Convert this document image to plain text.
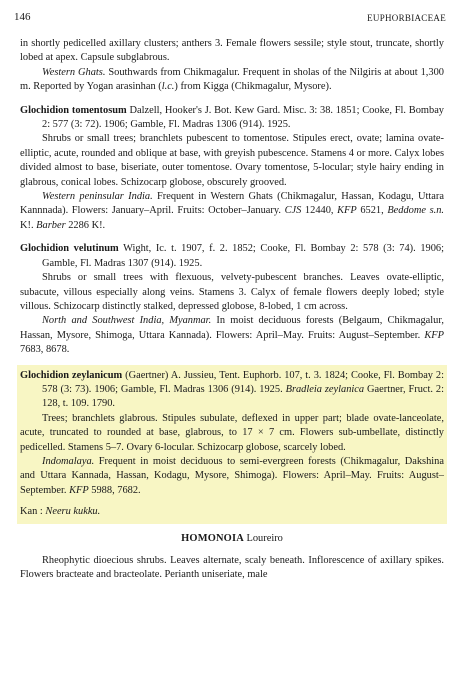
146	EUPHORBIACEAE

in shortly pedicelled axillary clusters; anthers 3. Female flowers sessile; style stout, truncate, shortly lobed at apex. Capsule subglabrous.

Western Ghats. Southwards from Chikmagalur. Frequent in sholas of the Nilgiris at about 1,300 m. Reported by Yogan arasinhan (l.c.) from Kigga (Chikmagalur, Mysore).

Glochidion tomentosum Dalzell, Hooker's J. Bot. Kew Gard. Misc. 3: 38. 1851; Cooke, Fl. Bombay 2: 577 (3: 72). 1906; Gamble, Fl. Madras 1306 (914). 1925.

Shrubs or small trees; branchlets pubescent to tomentose. Stipules erect, ovate; lamina ovate-elliptic, acute, rounded and oblique at base, with greyish pubescence. Stamens 4 or more. Calyx lobes divided almost to base, biseriate, outer tomentose. Ovary tomentose, 5-locular; style hairy ending in glabrous, conical lobes. Schizocarp globose, obscurely grooved.

Western peninsular India. Frequent in Western Ghats (Chikmagalur, Hassan, Kodagu, Uttara Kannnada). Flowers: January–April. Fruits: October–January. CJS 12440, KFP 6521, Beddome s.n. K!. Barber 2286 K!.

Glochidion velutinum Wight, Ic. t. 1907, f. 2. 1852; Cooke, Fl. Bombay 2: 578 (3: 74). 1906; Gamble, Fl. Madras 1307 (914). 1925.

Shrubs or small trees with flexuous, velvety-pubescent branches. Leaves ovate-elliptic, subacute, villous especially along veins. Stamens 3. Calyx of female flowers deeply lobed; style villous. Schizocarp distinctly stalked, depressed globose, 8-lobed, 1 cm across.

North and Southwest India, Myanmar. In moist deciduous forests (Belgaum, Chikmagalur, Hassan, Mysore, Shimoga, Uttara Kannada). Flowers: April–May. Fruits: August–September. KFP 7683, 8678.

Glochidion zeylanicum (Gaertner) A. Jussieu, Tent. Euphorb. 107, t. 3. 1824; Cooke, Fl. Bombay 2: 578 (3: 73). 1906; Gamble, Fl. Madras 1306 (914). 1925. Bradleia zeylanica Gaertner, Fruct. 2: 128, t. 109. 1790.

Trees; branchlets glabrous. Stipules subulate, deflexed in upper part; blade ovate-lanceolate, acute, truncated to rounded at base, glabrous, to 17 × 7 cm. Flowers sub-umbellate, distinctly pedicelled. Stamens 5–7. Ovary 6-locular. Schizocarp globose, scarcely lobed.

Indomalaya. Frequent in moist deciduous to semi-evergreen forests (Chikmagalur, Dakshina and Uttara Kannada, Hassan, Kodagu, Mysore, Shimoga). Flowers: April–May. Fruits: August–September. KFP 5988, 7682.

Kan : Neeru kukku.

HOMONOIA Loureiro

Rheophytic dioecious shrubs. Leaves alternate, scaly beneath. Inflorescence of axillary spikes. Flowers bracteate and bracteolate. Perianth uniseriate, male
